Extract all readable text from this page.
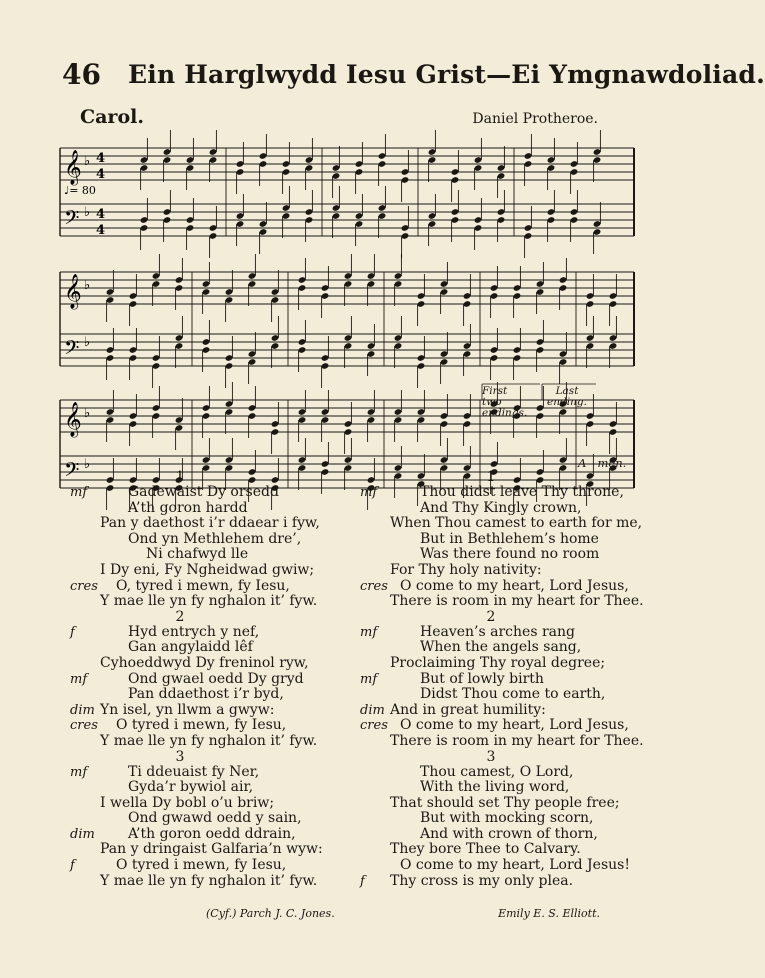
46 Ein Harglwydd Iesu Grist—Ei Ymgnawdoliad.
Carol.	Daniel Protheroe.
𝄞
𝄢
♭
♭
4
4
4
4
♩= 80
𝄞
𝄢
♭
♭
𝄞
𝄢
♭
♭
First two endings.
Last ending.
A - men.
1
mf	Gadewaist Dy orsedd
A’th goron hardd
Pan y daethost i’r ddaear i fyw,
Ond yn Methlehem dre’,
Ni chafwyd lle
I Dy eni, Fy Ngheidwad gwiw;
cres O, tyred i mewn, fy Iesu,
Y mae lle yn fy nghalon it’ fyw.
2
f	Hyd entrych y nef,
Gan angylaidd lêf
Cyhoeddwyd Dy freninol ryw,
mf	Ond gwael oedd Dy gryd
Pan ddaethost i’r byd,
dim Yn isel, yn llwm a gwyw:
cres O tyred i mewn, fy Iesu,
Y mae lle yn fy nghalon it’ fyw.
3
mf	Ti ddeuaist fy Ner,
Gyda’r bywiol air,
I wella Dy bobl o’u briw;
Ond gwawd oedd y sain,
dim A’th goron oedd ddrain,
Pan y dringaist Galfaria’n wyw:
f	O tyred i mewn, fy Iesu,
Y mae lle yn fy nghalon it’ fyw.
1
mf	Thou didst leave Thy throne,
And Thy Kingly crown,
When Thou camest to earth for me,
But in Bethlehem’s home
Was there found no room
For Thy holy nativity:
cres O come to my heart, Lord Jesus,
There is room in my heart for Thee.
2
mf	Heaven’s arches rang
When the angels sang,
Proclaiming Thy royal degree;
mf	But of lowly birth
Didst Thou come to earth,
dim And in great humility:
cres O come to my heart, Lord Jesus,
There is room in my heart for Thee.
3
Thou camest, O Lord,
With the living word,
That should set Thy people free;
But with mocking scorn,
And with crown of thorn,
They bore Thee to Calvary.
O come to my heart, Lord Jesus!
f Thy cross is my only plea.
(Cyf.) Parch J. C. Jones.	Emily E. S. Elliott.
